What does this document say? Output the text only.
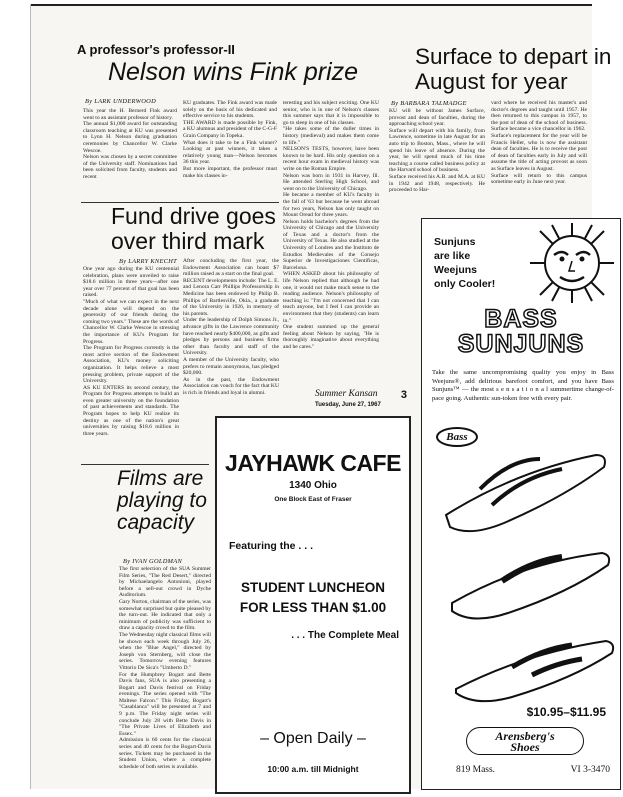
A professor's professor-II
Nelson wins Fink prize
By LARK UNDERWOOD
This year the H. Bernerd Fink award went to an assistant professor of history.
The annual $1,000 award for outstanding classroom teaching at KU was presented to Lynn H. Nelson during graduation ceremonies by Chancellor W. Clarke Wescoe.
Nelson was chosen by a secret committee of the University staff. Nominations had been solicited from faculty, students and recent
KU graduates. The Fink award was made solely on the basis of his dedicated and effective service to his students.
THE AWARD is made possible by Fink, a KU alumnus and president of the C-G-F Grain Company in Topeka.
What does it take to be a Fink winner? Looking at past winners, it takes a relatively young man—Nelson becomes 36 this year.
But more important, the professor must make his classes in-
teresting and his subject exciting. One KU senior, who is in one of Nelson's classes this summer says that it is impossible to go to sleep in one of his classes.
"He takes some of the duller times in history (medieval) and makes them come to life."
NELSON'S TESTS, however, have been known to be hard. His only question on a recent hour exam in medieval history was write on the Roman Empire.
Nelson was born in 1931 in Harvey, Ill. He attended Sterling High School, and went on to the University of Chicago.
He became a member of KU's faculty in the fall of '63 but because he went abroad for two years, Nelson has only taught on Mount Oread for three years.
Nelson holds bachelor's degrees from the University of Chicago and the University of Texas and a doctor's from the University of Texas. He also studied at the University of Londres and the Instituto de Estudios Medievales of the Consejo Superior de Investigaciones Científicas, Barcelona.
WHEN ASKED about his philosophy of life Nelson replied that although he had one, it would not make much sense to the reading audience. Nelson's philosophy of teaching is: "I'm not concerned that I can teach anyone, but I feel I can provide an environment that they (students) can learn in."
One student summed up the general feeling about Nelson by saying, "He is thoroughly imaginative about everything and he cares."
Surface to depart in August for year
By BARBARA TALMADGE
KU will be without James Surface, provost and dean of faculties, during the approaching school year.
Surface will depart with his family, from Lawrence, sometime in late August for an auto trip to Boston, Mass., where he will spend his leave of absence. During the year, he will spend much of his time teaching a course called business policy at the Harvard school of business.
Surface received his A.B. and M.A. at KU in 1942 and 1948, respectively. He proceeded to Har-
vard where he received his master's and doctor's degrees and taught until 1957. He then returned to this campus in 1957, to the post of dean of the school of business. Surface became a vice chancellor in 1962.
Surface's replacement for the year will be Francis Heller, who is now the assistant dean of faculties. He is to receive the post of dean of faculties early in July and will assume the title of acting provost as soon as Surface leaves in August.
Surface will return to this campus sometime early in June next year.
Fund drive goes over third mark
By LARRY KNECHT
One year ago during the KU centennial celebration, plans were unveiled to raise $18.6 million in three years—after one year over 77 percent of that goal has been raised.
"Much of what we can expect in the next decade alone will depend on the generosity of our friends during the coming two years." These are the words of Chancellor W. Clarke Wescoe in stressing the importance of KU's Program for Progress.
The Program for Progress currently is the most active section of the Endowment Association, KU's money soliciting organization. It helps relieve a most pressing problem, private support of the University.
AS KU ENTERS its second century, the Program for Progress attempts to build an even greater university on the foundation of past achievements and standards. The Program hopes to help KU realize its destiny as one of the nation's great universities by raising $18.6 million in three years.
After concluding the first year, the Endowment Association can boast $7 million raised as a start on the final goal.
RECENT developments include: The L. E. and Lenora Carr Phillips Professorship in Medicine has been endowed by Philip B. Phillips of Bartlesville, Okla., a graduate of the University in 1926, in memory of his parents.
Under the leadership of Dolph Simons Jr., advance gifts in the Lawrence community have reached nearly $400,000, as gifts and pledges by persons and business firms other than faculty and staff of the University.
A member of the University faculty, who prefers to remain anonymous, has pledged $20,000.
As in the past, the Endowment Association can vouch for the fact that KU is rich in friends and loyal in alumni.
Films are playing to capacity
By IVAN GOLDMAN
The first selection of the SUA Summer Film Series, "The Red Desert," directed by Michaelangelo Antonioni, played before a sell-out crowd in Dyche Auditorium.
Gary Norton, chairman of the series, was somewhat surprised but quite pleased by the turn-out. He indicated that only a minimum of publicity was sufficient to draw a capacity crowd to the film.
The Wednesday night classical films will be shown each week through July 26, when the "Blue Angel," directed by Joseph von Sternberg, will close the series. Tomorrow evening features Vittorio De Sica's "Umberto D."
For the Humphrey Bogart and Bette Davis fans, SUA is also presenting a Bogart and Davis festival on Friday evenings. The series opened with "The Maltese Falcon." This Friday, Bogart's "Casablanca" will be presented at 7 and 9 p.m. The Friday night series will conclude July 28 with Bette Davis in "The Private Lives of Elizabeth and Essex."
Admission is 60 cents for the classical series and 40 cents for the Bogart-Davis series. Tickets may be purchased in the Student Union, where a complete schedule of both series is available.
Summer Kansan	3
Tuesday, June 27, 1967
JAYHAWK CAFE
1340 Ohio
One Block East of Fraser
Featuring the . . .
STUDENT LUNCHEON
FOR LESS THAN $1.00
. . . The Complete Meal
– Open Daily –
10:00 a.m. till Midnight
Sunjuns
are like
Weejuns
only Cooler!
BASS
SUNJUNS
Take the same uncompromising quality you enjoy in Bass Weejuns®, add delirious barefoot comfort, and you have Bass Sunjuns™ — the most s e n s a t i o n a l summertime change-of-pace going. Authentic sun-token free with every pair.
Bass
$10.95–$11.95
Arensberg's
Shoes
819 Mass.	VI 3-3470
